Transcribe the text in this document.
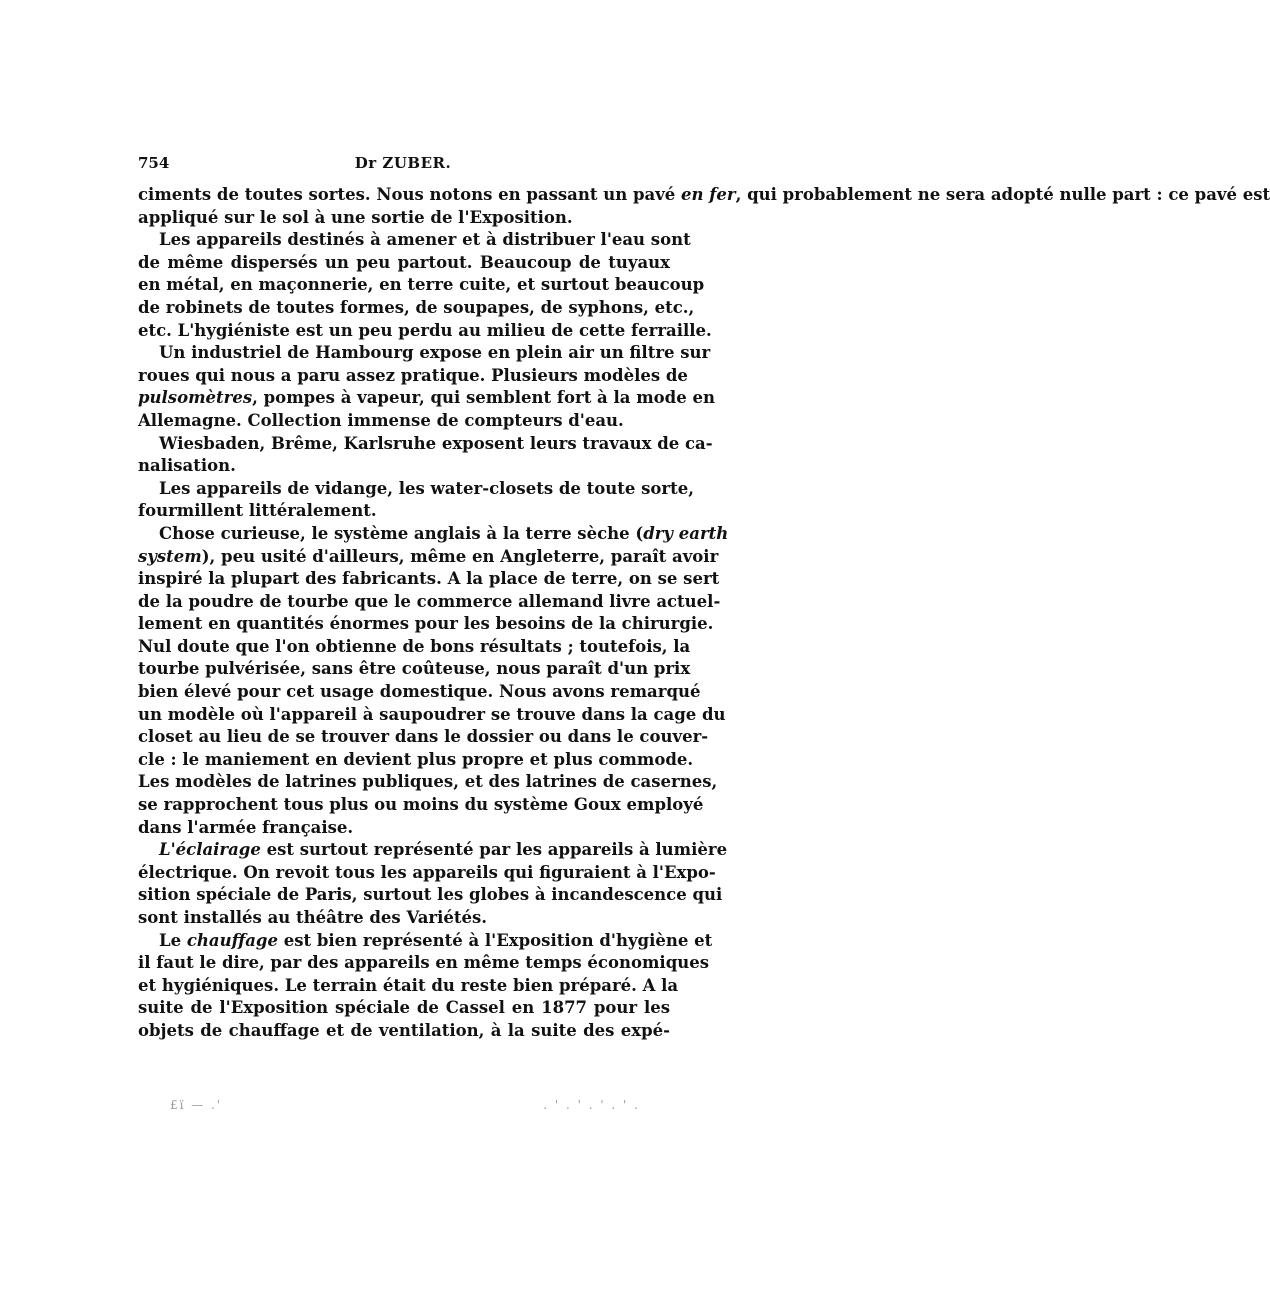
754	Dr ZUBER.
ciments de toutes sortes. Nous notons en passant un pavé en fer, qui probablement ne sera adopté nulle part : ce pavé est
appliqué sur le sol à une sortie de l'Exposition.
Les appareils destinés à amener et à distribuer l'eau sont
de même dispersés un peu partout. Beaucoup de tuyaux
en métal, en maçonnerie, en terre cuite, et surtout beaucoup
de robinets de toutes formes, de soupapes, de syphons, etc.,
etc. L'hygiéniste est un peu perdu au milieu de cette ferraille.
Un industriel de Hambourg expose en plein air un filtre sur
roues qui nous a paru assez pratique. Plusieurs modèles de
pulsomètres, pompes à vapeur, qui semblent fort à la mode en
Allemagne. Collection immense de compteurs d'eau.
Wiesbaden, Brême, Karlsruhe exposent leurs travaux de ca-
nalisation.
Les appareils de vidange, les water-closets de toute sorte,
fourmillent littéralement.
Chose curieuse, le système anglais à la terre sèche (dry earth
system), peu usité d'ailleurs, même en Angleterre, paraît avoir
inspiré la plupart des fabricants. A la place de terre, on se sert
de la poudre de tourbe que le commerce allemand livre actuel-
lement en quantités énormes pour les besoins de la chirurgie.
Nul doute que l'on obtienne de bons résultats ; toutefois, la
tourbe pulvérisée, sans être coûteuse, nous paraît d'un prix
bien élevé pour cet usage domestique. Nous avons remarqué
un modèle où l'appareil à saupoudrer se trouve dans la cage du
closet au lieu de se trouver dans le dossier ou dans le couver-
cle : le maniement en devient plus propre et plus commode.
Les modèles de latrines publiques, et des latrines de casernes,
se rapprochent tous plus ou moins du système Goux employé
dans l'armée française.
L'éclairage est surtout représenté par les appareils à lumière
électrique. On revoit tous les appareils qui figuraient à l'Expo-
sition spéciale de Paris, surtout les globes à incandescence qui
sont installés au théâtre des Variétés.
Le chauffage est bien représenté à l'Exposition d'hygiène et
il faut le dire, par des appareils en même temps économiques
et hygiéniques. Le terrain était du reste bien préparé. A la
suite de l'Exposition spéciale de Cassel en 1877 pour les
objets de chauffage et de ventilation, à la suite des expé-
£ï — .'	. ' . ' . ' . ' .
